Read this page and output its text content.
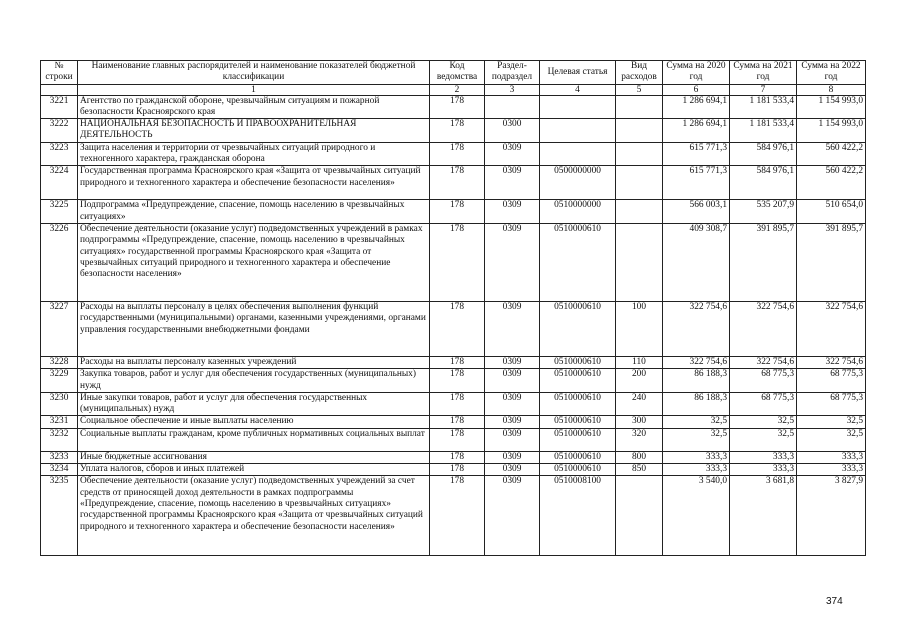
№ строки	Наименование главных распорядителей и наименование показателей бюджетной классификации	Код ведомства	Раздел-подраздел	Целевая статья	Вид расходов	Сумма на 2020 год	Сумма на 2021 год	Сумма на 2022 год
	1	2	3	4	5	6	7	8
3221	Агентство по гражданской обороне, чрезвычайным ситуациям и пожарной безопасности Красноярского края	178				1 286 694,1	1 181 533,4	1 154 993,0
3222	НАЦИОНАЛЬНАЯ БЕЗОПАСНОСТЬ И ПРАВООХРАНИТЕЛЬНАЯ ДЕЯТЕЛЬНОСТЬ	178	0300			1 286 694,1	1 181 533,4	1 154 993,0
3223	Защита населения и территории от чрезвычайных ситуаций природного и техногенного характера, гражданская оборона	178	0309			615 771,3	584 976,1	560 422,2
3224	Государственная программа Красноярского края «Защита от чрезвычайных ситуаций природного и техногенного характера и обеспечение безопасности населения»	178	0309	0500000000		615 771,3	584 976,1	560 422,2
3225	Подпрограмма «Предупреждение, спасение, помощь населению в чрезвычайных ситуациях»	178	0309	0510000000		566 003,1	535 207,9	510 654,0
3226	Обеспечение деятельности (оказание услуг) подведомственных учреждений в рамках подпрограммы «Предупреждение, спасение, помощь населению в чрезвычайных ситуациях» государственной программы Красноярского края «Защита от чрезвычайных ситуаций природного и техногенного характера и обеспечение безопасности населения»	178	0309	0510000610		409 308,7	391 895,7	391 895,7
3227	Расходы на выплаты персоналу в целях обеспечения выполнения функций государственными (муниципальными) органами, казенными учреждениями, органами управления государственными внебюджетными фондами	178	0309	0510000610	100	322 754,6	322 754,6	322 754,6
3228	Расходы на выплаты персоналу казенных учреждений	178	0309	0510000610	110	322 754,6	322 754,6	322 754,6
3229	Закупка товаров, работ и услуг для обеспечения государственных (муниципальных) нужд	178	0309	0510000610	200	86 188,3	68 775,3	68 775,3
3230	Иные закупки товаров, работ и услуг для обеспечения государственных (муниципальных) нужд	178	0309	0510000610	240	86 188,3	68 775,3	68 775,3
3231	Социальное обеспечение и иные выплаты населению	178	0309	0510000610	300	32,5	32,5	32,5
3232	Социальные выплаты гражданам, кроме публичных нормативных социальных выплат	178	0309	0510000610	320	32,5	32,5	32,5
3233	Иные бюджетные ассигнования	178	0309	0510000610	800	333,3	333,3	333,3
3234	Уплата налогов, сборов и иных платежей	178	0309	0510000610	850	333,3	333,3	333,3
3235	Обеспечение деятельности (оказание услуг) подведомственных учреждений за счет средств от приносящей доход деятельности в рамках подпрограммы «Предупреждение, спасение, помощь населению в чрезвычайных ситуациях» государственной программы Красноярского края «Защита от чрезвычайных ситуаций природного и техногенного характера и обеспечение безопасности населения»	178	0309	0510008100		3 540,0	3 681,8	3 827,9
374
